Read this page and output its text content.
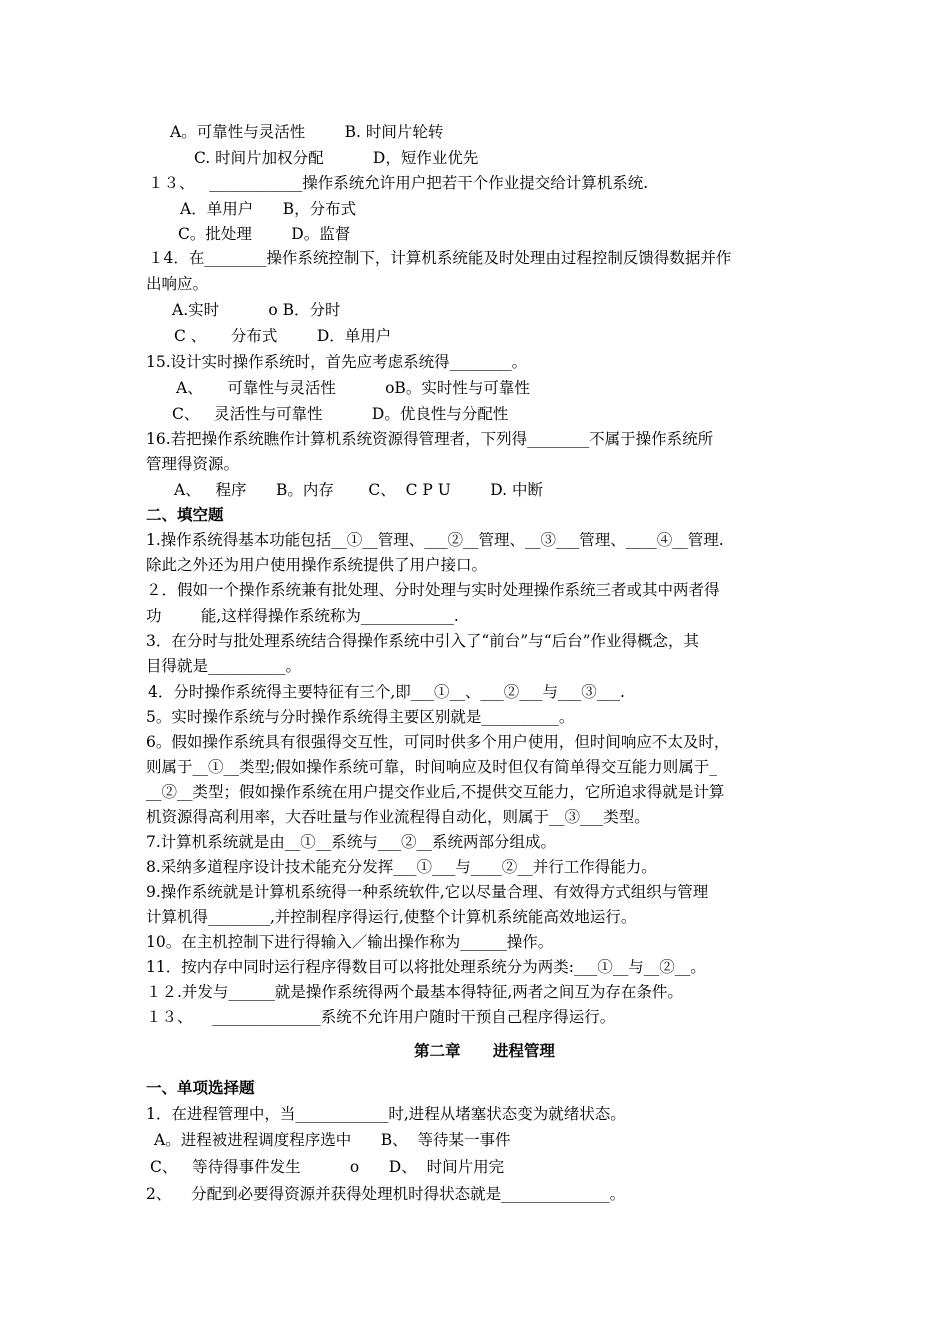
A。可靠性与灵活性        B. 时间片轮转
C. 时间片加权分配          D，短作业优先
１３、   ____________操作系统允许用户把若干个作业提交给计算机系统.
A．单用户      B，分布式
C。批处理        D。监督
１4．在________操作系统控制下，计算机系统能及时处理由过程控制反馈得数据并作
出响应。
A.实时          o B．分时
C 、     分布式        D．单用户
15.设计实时操作系统时，首先应考虑系统得________。
A、     可靠性与灵活性          oB。实时性与可靠性
C、   灵活性与可靠性          D。优良性与分配性
16.若把操作系统瞧作计算机系统资源得管理者，下列得________不属于操作系统所
管理得资源。
A、   程序      B。内存       C、  C P U        D. 中断
二、填空题
1.操作系统得基本功能包括__①__管理、___②__管理、__③___管理、____④__管理.
除此之外还为用户使用操作系统提供了用户接口。
２．假如一个操作系统兼有批处理、分时处理与实时处理操作系统三者或其中两者得
功        能,这样得操作系统称为____________.
3．在分时与批处理系统结合得操作系统中引入了“前台”与“后台”作业得概念，其
目得就是__________。
4．分时操作系统得主要特征有三个,即___①__、___②___与___③___.
5。实时操作系统与分时操作系统得主要区别就是__________。
6。假如操作系统具有很强得交互性，可同时供多个用户使用，但时间响应不太及时，
则属于__①__类型;假如操作系统可靠，时间响应及时但仅有简单得交互能力则属于_
__②__类型；假如操作系统在用户提交作业后,不提供交互能力，它所追求得就是计算
机资源得高利用率，大吞吐量与作业流程得自动化，则属于__③___类型。
7.计算机系统就是由__①__系统与___②__系统两部分组成。
8.采纳多道程序设计技术能充分发挥___①___与____②__并行工作得能力。
9.操作系统就是计算机系统得一种系统软件,它以尽量合理、有效得方式组织与管理
计算机得________,并控制程序得运行,使整个计算机系统能高效地运行。
10。在主机控制下进行得输入／输出操作称为______操作。
11．按内存中同时运行程序得数目可以将批处理系统分为两类:___①__与__②__。
１２.并发与______就是操作系统得两个最基本得特征,两者之间互为存在条件。
１３、    ______________系统不允许用户随时干预自己程序得运行。
第二章      进程管理
一、单项选择题
1．在进程管理中，当____________时,进程从堵塞状态变为就绪状态。
A。进程被进程调度程序选中      B、  等待某一事件
C、   等待得事件发生          o      D、  时间片用完
2、    分配到必要得资源并获得处理机时得状态就是______________。
